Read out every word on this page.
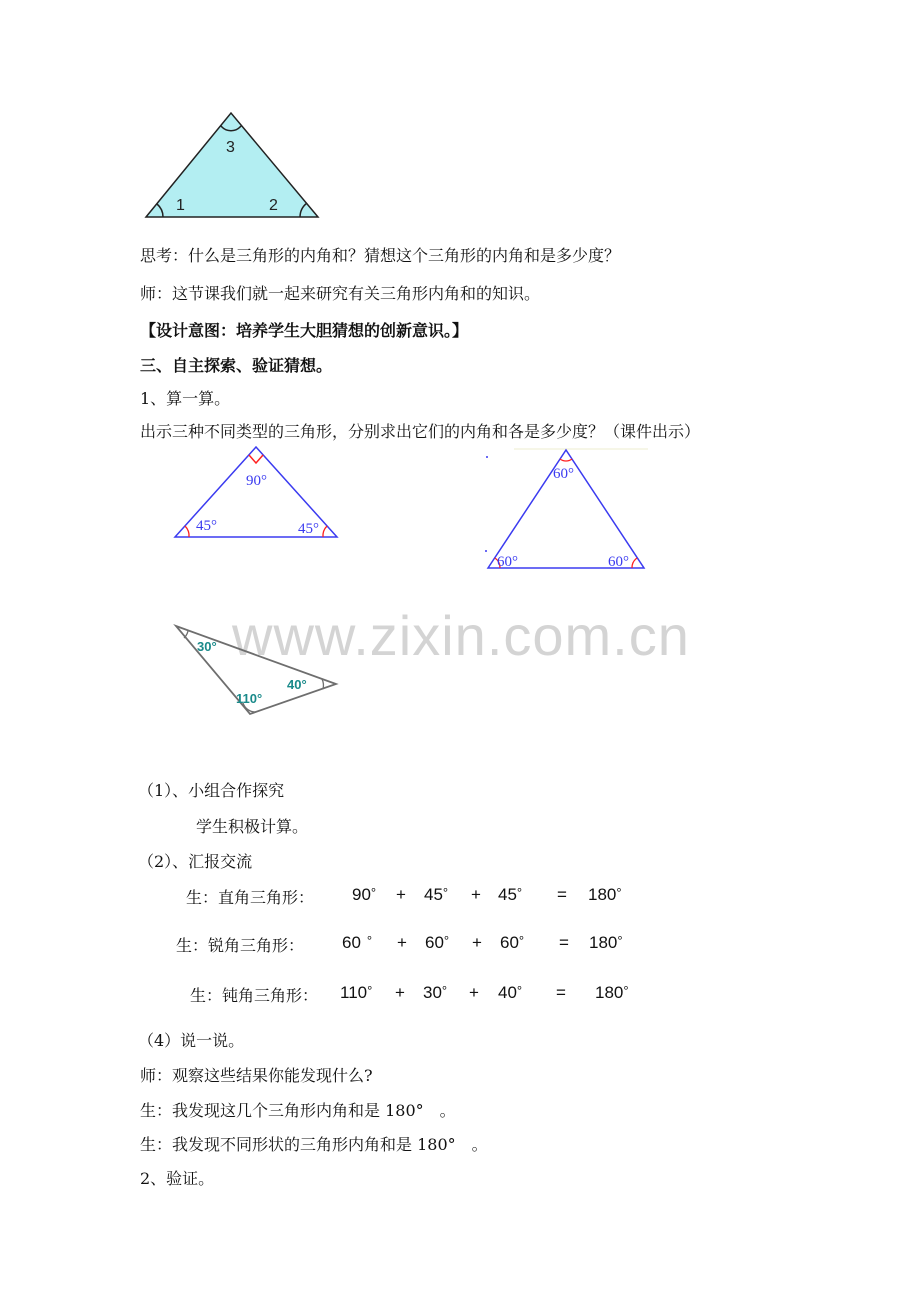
1	2
3
思考：什么是三角形的内角和？猜想这个三角形的内角和是多少度？
师：这节课我们就一起来研究有关三角形内角和的知识。
【设计意图：培养学生大胆猜想的创新意识。】
三、自主探索、验证猜想。
1、算一算。
出示三种不同类型的三角形，分别求出它们的内角和各是多少度？（课件出示）
90°
45°	45°
60°
60°	60°
www.zixin.com.cn
30°
110°
40°
（1）、小组合作探究
学生积极计算。
（2）、汇报交流
生：直角三角形： 90 ° + 45 ° + 45 ° = 180 °
生：锐角三角形： 60 ° + 60 ° + 60 ° = 180 °
生：钝角三角形： 110 ° + 30 ° + 40 ° = 180 °
（4）说一说。
师：观察这些结果你能发现什么?
生：我发现这几个三角形内角和是 180°　。
生：我发现不同形状的三角形内角和是 180°　。
2、验证。
